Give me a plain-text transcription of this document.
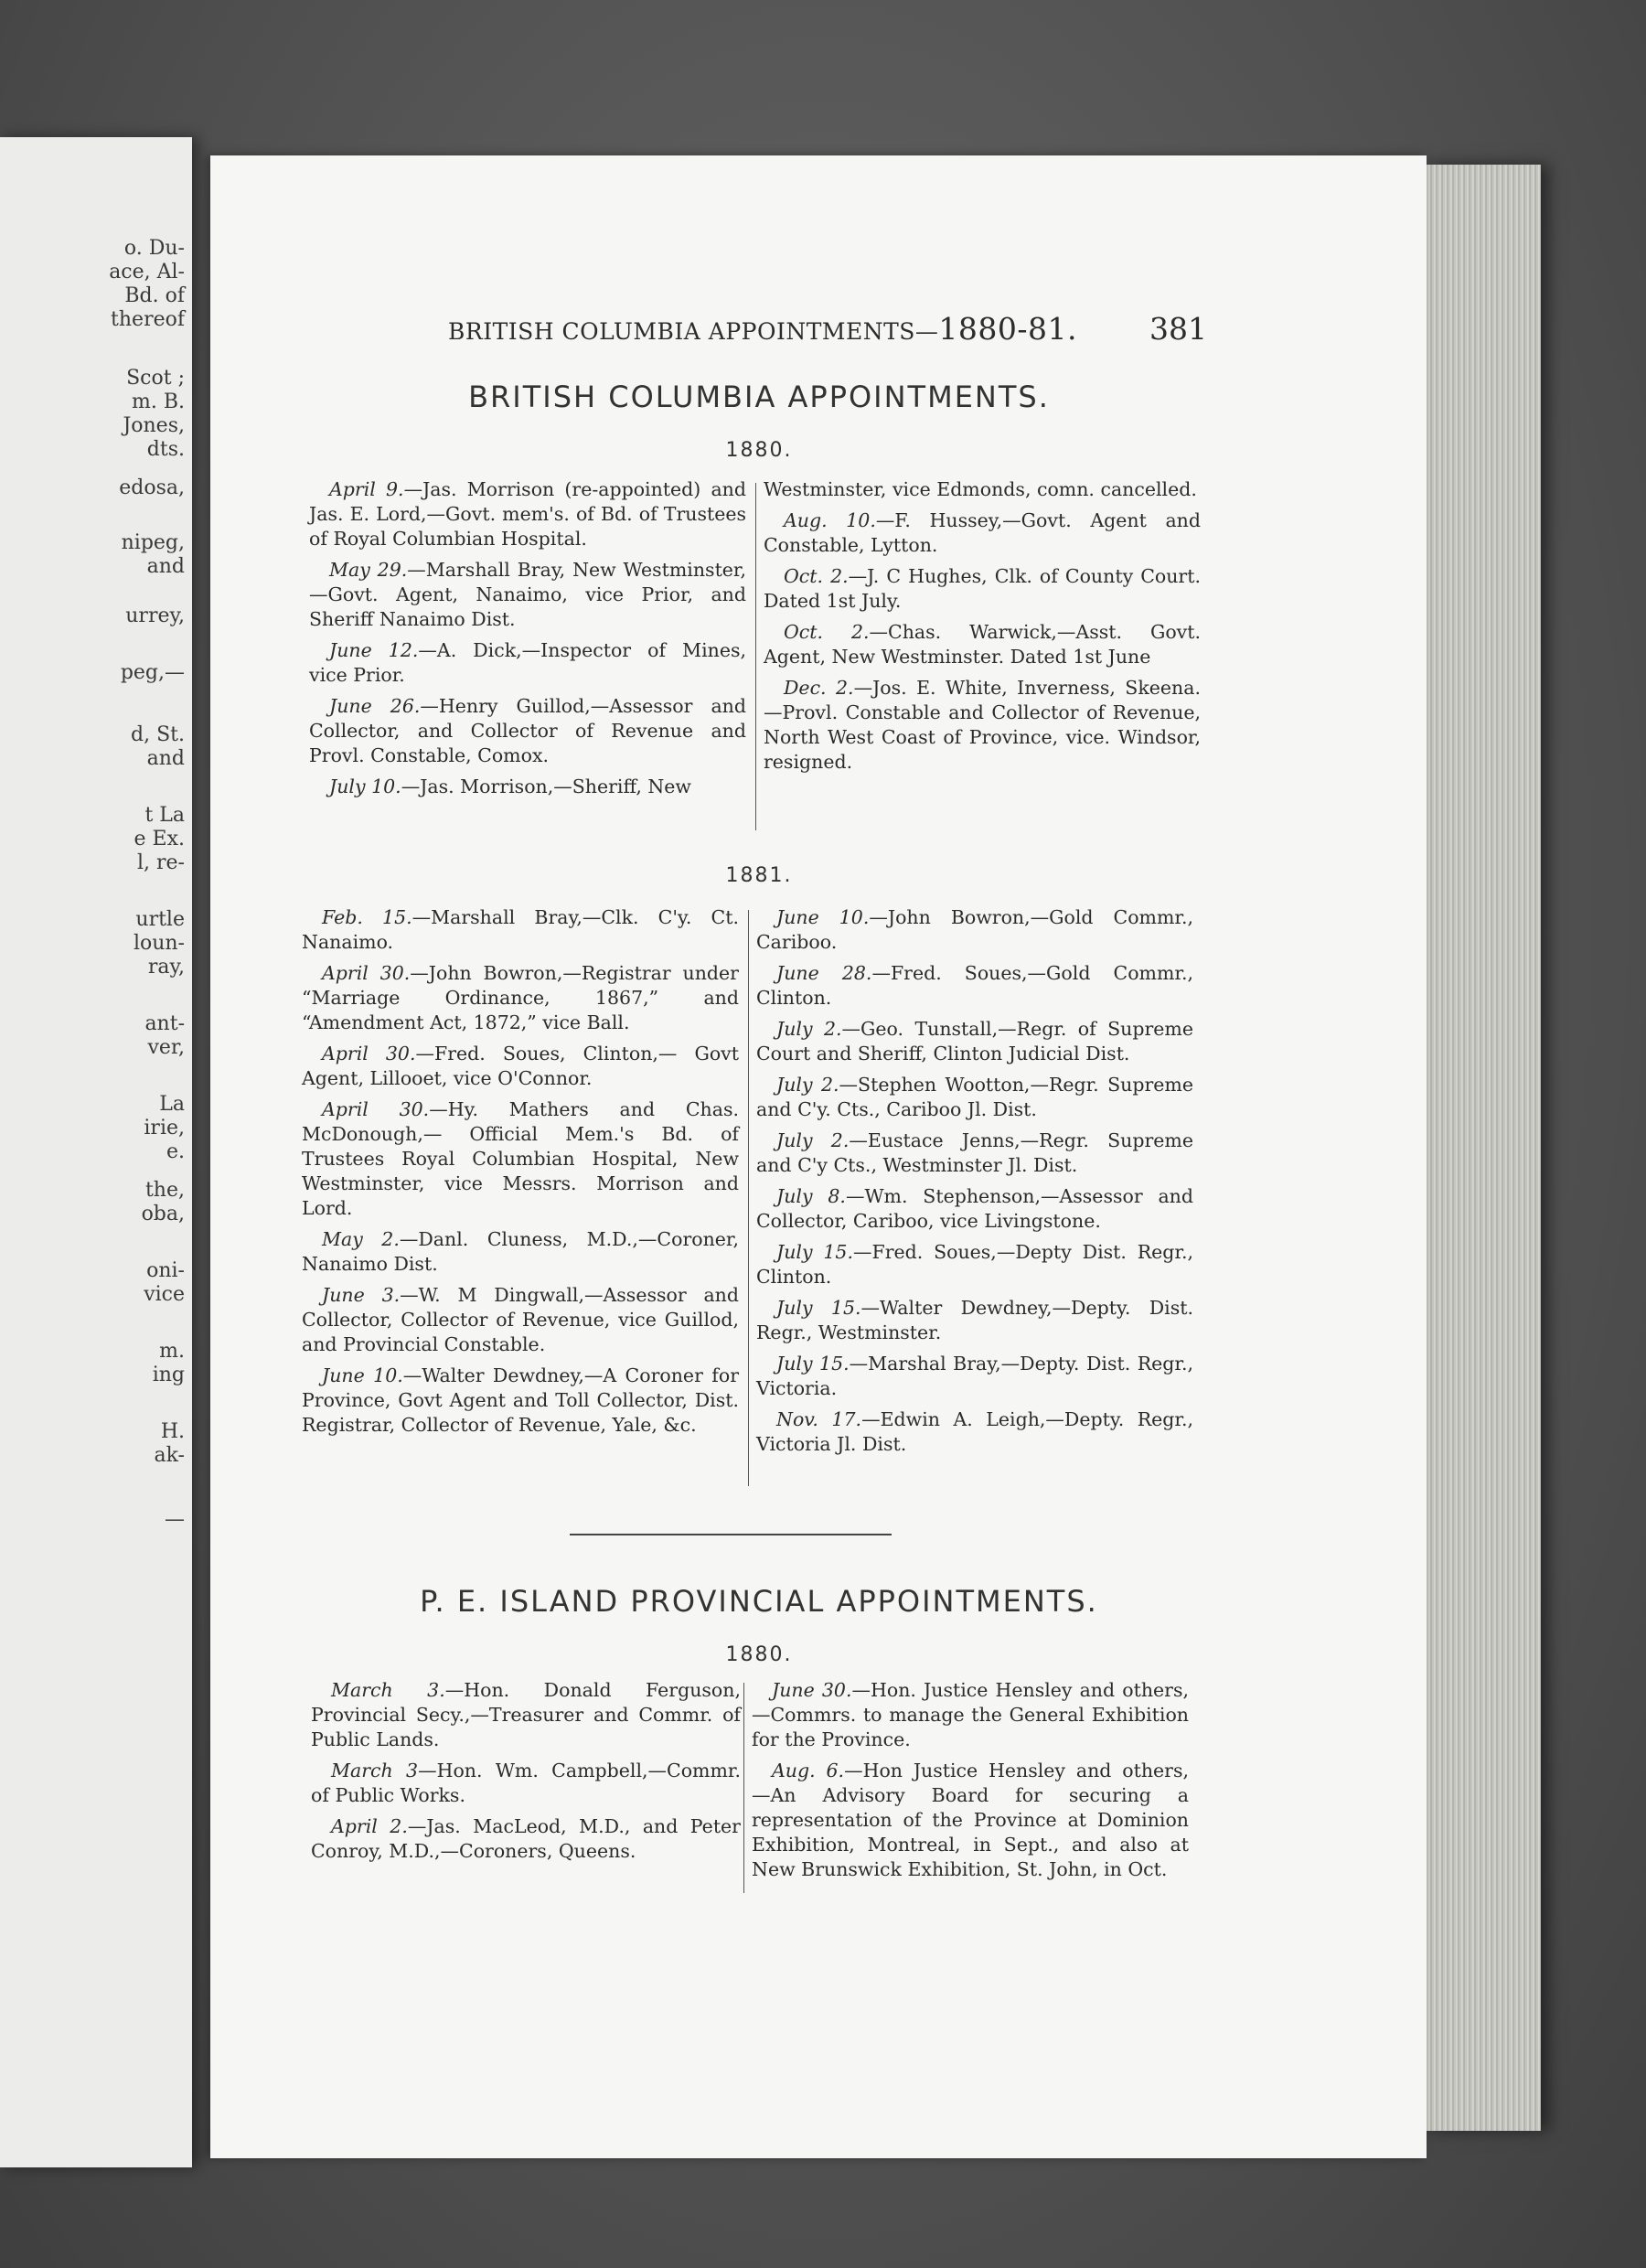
o. Du-
ace, Al-
Bd. of
thereof
Scot ;
m. B.
Jones,
dts.
edosa,
nipeg,
and
urrey,
peg,—
d, St.
and
t La
e Ex.
l, re-
urtle
loun-
ray,
ant-
ver,
La
irie,
e.
the,
oba,
oni-
vice
m.
ing
H.
ak-
—
BRITISH COLUMBIA APPOINTMENTS—1880-81. 381
BRITISH COLUMBIA APPOINTMENTS.
1880.

April 9.—Jas. Morrison (re-appointed) and Jas. E. Lord,—Govt. mem's. of Bd. of Trustees of Royal Columbian Hospital.

May 29.—Marshall Bray, New Westminster,—Govt. Agent, Nanaimo, vice Prior, and Sheriff Nanaimo Dist.

June 12.—A. Dick,—Inspector of Mines, vice Prior.

June 26.—Henry Guillod,—Assessor and Collector, and Collector of Revenue and Provl. Constable, Comox.

July 10.—Jas. Morrison,—Sheriff, New

Westminster, vice Edmonds, comn. cancelled.

Aug. 10.—F. Hussey,—Govt. Agent and Constable, Lytton.

Oct. 2.—J. C Hughes, Clk. of County Court. Dated 1st July.

Oct. 2.—Chas. Warwick,—Asst. Govt. Agent, New Westminster. Dated 1st June

Dec. 2.—Jos. E. White, Inverness, Skeena. —Provl. Constable and Collector of Revenue, North West Coast of Province, vice. Windsor, resigned.

1881.

Feb. 15.—Marshall Bray,—Clk. C'y. Ct. Nanaimo.

April 30.—John Bowron,—Registrar under “Marriage Ordinance, 1867,” and “Amendment Act, 1872,” vice Ball.

April 30.—Fred. Soues, Clinton,— Govt Agent, Lillooet, vice O'Connor.

April 30.—Hy. Mathers and Chas. McDonough,— Official Mem.'s Bd. of Trustees Royal Columbian Hospital, New Westminster, vice Messrs. Morrison and Lord.

May 2.—Danl. Cluness, M.D.,—Coroner, Nanaimo Dist.

June 3.—W. M Dingwall,—Assessor and Collector, Collector of Revenue, vice Guillod, and Provincial Constable.

June 10.—Walter Dewdney,—A Coroner for Province, Govt Agent and Toll Collector, Dist. Registrar, Collector of Revenue, Yale, &c.

June 10.—John Bowron,—Gold Commr., Cariboo.

June 28.—Fred. Soues,—Gold Commr., Clinton.

July 2.—Geo. Tunstall,—Regr. of Supreme Court and Sheriff, Clinton Judicial Dist.

July 2.—Stephen Wootton,—Regr. Supreme and C'y. Cts., Cariboo Jl. Dist.

July 2.—Eustace Jenns,—Regr. Supreme and C'y Cts., Westminster Jl. Dist.

July 8.—Wm. Stephenson,—Assessor and Collector, Cariboo, vice Livingstone.

July 15.—Fred. Soues,—Depty Dist. Regr., Clinton.

July 15.—Walter Dewdney,—Depty. Dist. Regr., Westminster.

July 15.—Marshal Bray,—Depty. Dist. Regr., Victoria.

Nov. 17.—Edwin A. Leigh,—Depty. Regr., Victoria Jl. Dist.

P. E. ISLAND PROVINCIAL APPOINTMENTS.
1880.

March 3.—Hon. Donald Ferguson, Provincial Secy.,—Treasurer and Commr. of Public Lands.

March 3—Hon. Wm. Campbell,—Commr. of Public Works.

April 2.—Jas. MacLeod, M.D., and Peter Conroy, M.D.,—Coroners, Queens.

June 30.—Hon. Justice Hensley and others,—Commrs. to manage the General Exhibition for the Province.

Aug. 6.—Hon Justice Hensley and others, —An Advisory Board for securing a representation of the Province at Dominion Exhibition, Montreal, in Sept., and also at New Brunswick Exhibition, St. John, in Oct.
